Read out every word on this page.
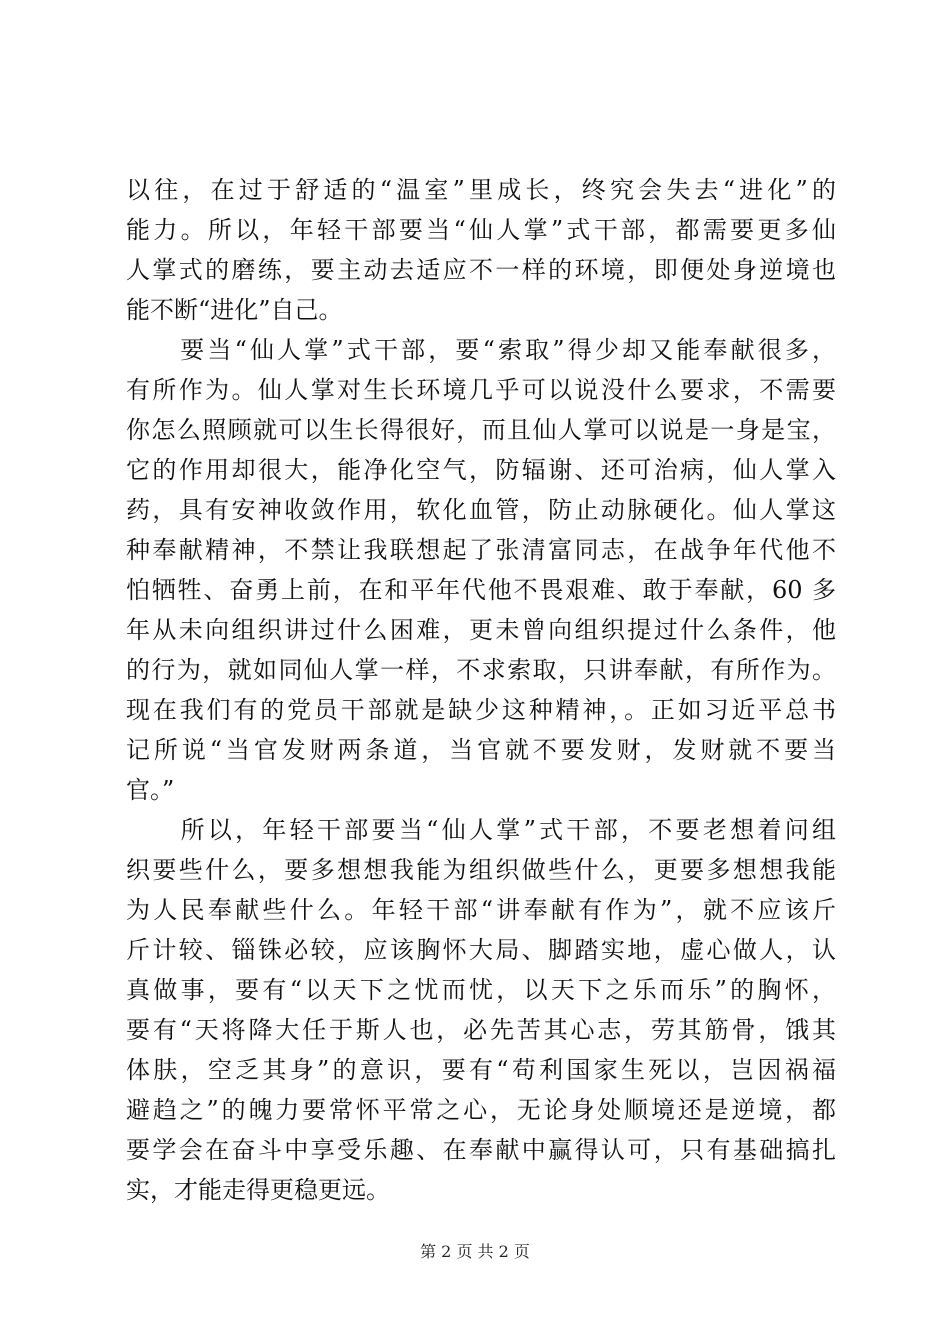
以往，在过于舒适的“温室”里成长，终究会失去“进化”的
能力。所以，年轻干部要当“仙人掌”式干部，都需要更多仙
人掌式的磨练，要主动去适应不一样的环境，即便处身逆境也
能不断“进化”自己。
　　要当“仙人掌”式干部，要“索取”得少却又能奉献很多，
有所作为。仙人掌对生长环境几乎可以说没什么要求，不需要
你怎么照顾就可以生长得很好，而且仙人掌可以说是一身是宝，
它的作用却很大，能净化空气，防辐谢、还可治病，仙人掌入
药，具有安神收敛作用，软化血管，防止动脉硬化。仙人掌这
种奉献精神，不禁让我联想起了张清富同志，在战争年代他不
怕牺牲、奋勇上前，在和平年代他不畏艰难、敢于奉献，60 多
年从未向组织讲过什么困难，更未曾向组织提过什么条件，他
的行为，就如同仙人掌一样，不求索取，只讲奉献，有所作为。
现在我们有的党员干部就是缺少这种精神，。正如习近平总书
记所说“当官发财两条道，当官就不要发财，发财就不要当
官。”
　　所以，年轻干部要当“仙人掌”式干部，不要老想着问组
织要些什么，要多想想我能为组织做些什么，更要多想想我能
为人民奉献些什么。年轻干部“讲奉献有作为”，就不应该斤
斤计较、锱铢必较，应该胸怀大局、脚踏实地，虚心做人，认
真做事，要有“以天下之忧而忧，以天下之乐而乐”的胸怀，
要有“天将降大任于斯人也，必先苦其心志，劳其筋骨，饿其
体肤，空乏其身”的意识，要有“苟利国家生死以，岂因祸福
避趋之”的魄力要常怀平常之心，无论身处顺境还是逆境，都
要学会在奋斗中享受乐趣、在奉献中赢得认可，只有基础搞扎
实，才能走得更稳更远。
第 2 页 共 2 页
